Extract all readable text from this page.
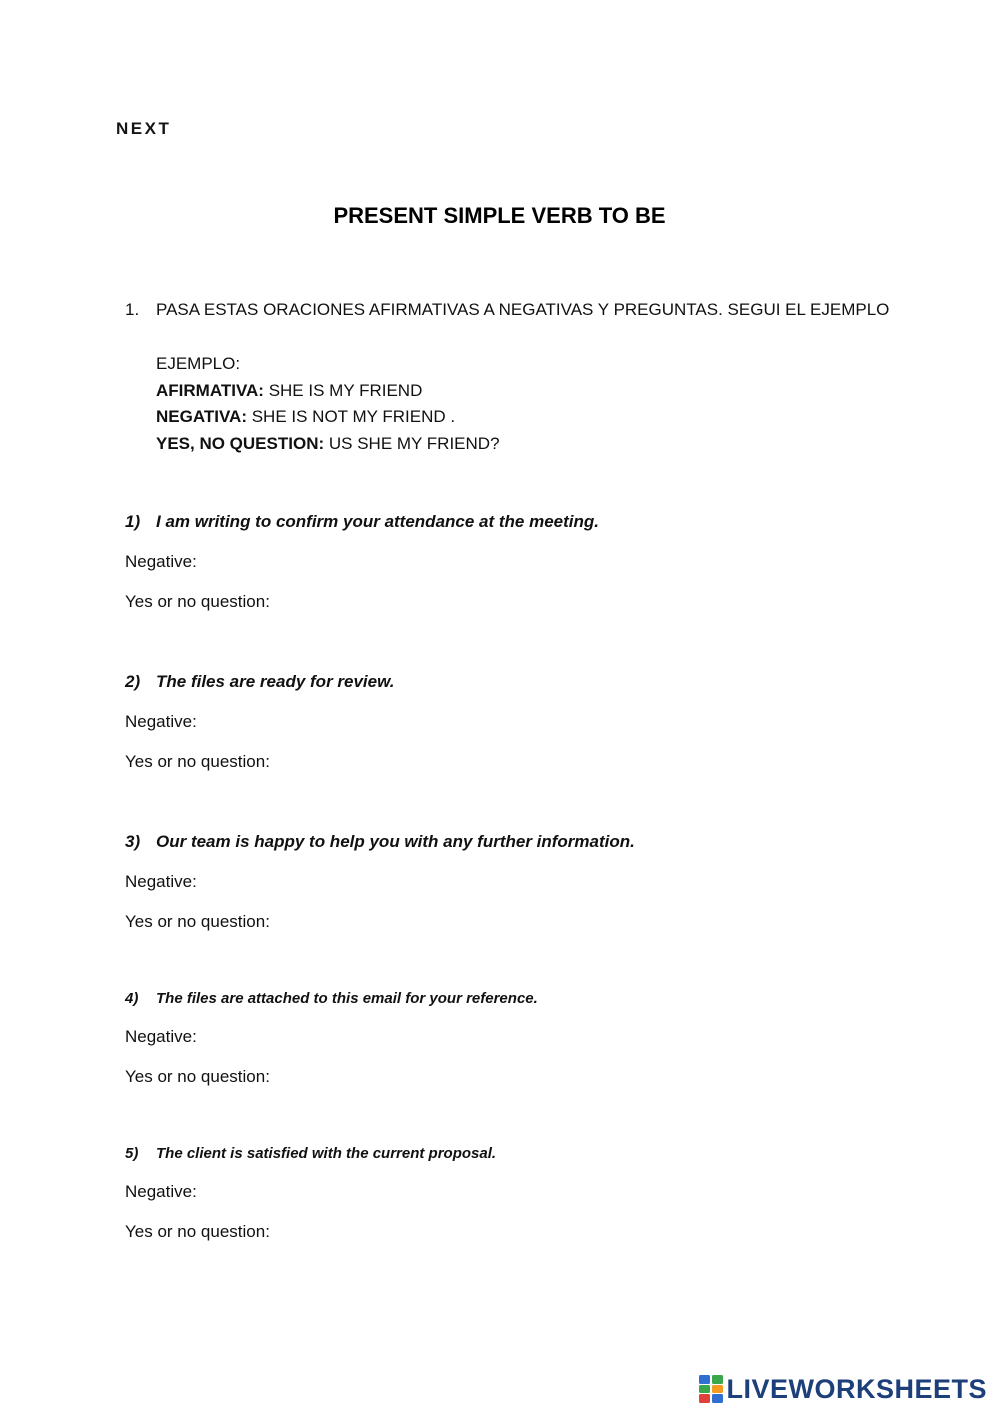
NEXT
PRESENT SIMPLE VERB TO BE
1. PASA ESTAS ORACIONES AFIRMATIVAS A NEGATIVAS Y PREGUNTAS. SEGUI EL EJEMPLO
EJEMPLO:
AFIRMATIVA: SHE IS MY FRIEND
NEGATIVA: SHE IS NOT MY FRIEND .
YES, NO QUESTION: US SHE MY FRIEND?
1) I am writing to confirm your attendance at the meeting.
Negative:
Yes or no question:
2) The files are ready for review.
Negative:
Yes or no question:
3) Our team is happy to help you with any further information.
Negative:
Yes or no question:
4) The files are attached to this email for your reference.
Negative:
Yes or no question:
5) The client is satisfied with the current proposal.
Negative:
Yes or no question:
LIVEWORKSHEETS
